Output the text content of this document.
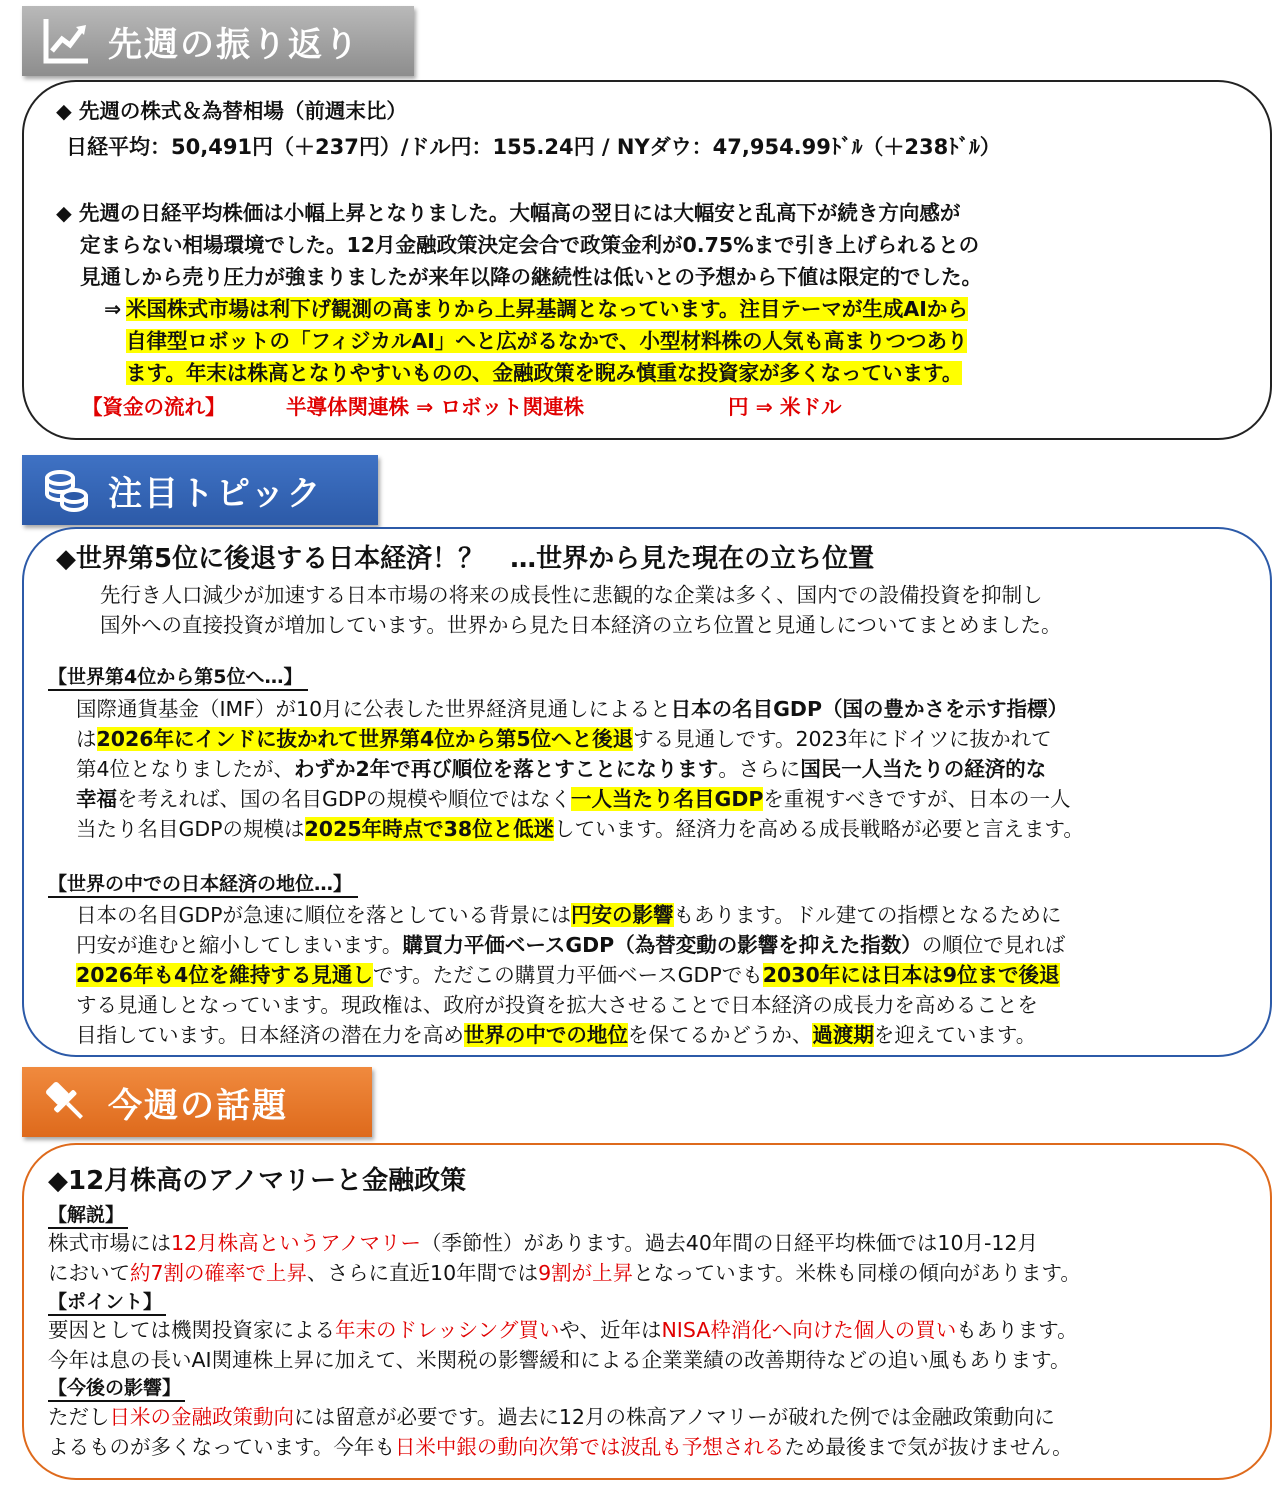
先週の振り返り
◆ 先週の株式＆為替相場（前週末比）
日経平均：50,491円（＋237円）/ドル円：155.24円 / NYダウ：47,954.99ﾄﾞﾙ（＋238ﾄﾞﾙ）
◆ 先週の日経平均株価は小幅上昇となりました。大幅高の翌日には大幅安と乱高下が続き方向感が
定まらない相場環境でした。12月金融政策決定会合で政策金利が0.75%まで引き上げられるとの
見通しから売り圧力が強まりましたが来年以降の継続性は低いとの予想から下値は限定的でした。
⇒ 米国株式市場は利下げ観測の高まりから上昇基調となっています。注目テーマが生成AIから
自律型ロボットの「フィジカルAI」へと広がるなかで、小型材料株の人気も高まりつつあり
ます。年末は株高となりやすいものの、金融政策を睨み慎重な投資家が多くなっています。
【資金の流れ】	半導体関連株 ⇒ ロボット関連株	円 ⇒ 米ドル
注目トピック
◆世界第5位に後退する日本経済！？　…世界から見た現在の立ち位置
先行き人口減少が加速する日本市場の将来の成長性に悲観的な企業は多く、国内での設備投資を抑制し
国外への直接投資が増加しています。世界から見た日本経済の立ち位置と見通しについてまとめました。
【世界第4位から第5位へ…】
国際通貨基金（IMF）が10月に公表した世界経済見通しによると日本の名目GDP（国の豊かさを示す指標）
は2026年にインドに抜かれて世界第4位から第5位へと後退する見通しです。2023年にドイツに抜かれて
第4位となりましたが、わずか2年で再び順位を落とすことになります。さらに国民一人当たりの経済的な
幸福を考えれば、国の名目GDPの規模や順位ではなく一人当たり名目GDPを重視すべきですが、日本の一人
当たり名目GDPの規模は2025年時点で38位と低迷しています。経済力を高める成長戦略が必要と言えます。
【世界の中での日本経済の地位…】
日本の名目GDPが急速に順位を落としている背景には円安の影響もあります。ドル建ての指標となるために
円安が進むと縮小してしまいます。購買力平価ベースGDP（為替変動の影響を抑えた指数）の順位で見れば
2026年も4位を維持する見通しです。ただこの購買力平価ベースGDPでも2030年には日本は9位まで後退
する見通しとなっています。現政権は、政府が投資を拡大させることで日本経済の成長力を高めることを
目指しています。日本経済の潜在力を高め世界の中での地位を保てるかどうか、過渡期を迎えています。
今週の話題
◆12月株高のアノマリーと金融政策
【解説】
株式市場には12月株高というアノマリー（季節性）があります。過去40年間の日経平均株価では10月-12月
において約7割の確率で上昇、さらに直近10年間では9割が上昇となっています。米株も同様の傾向があります。
【ポイント】
要因としては機関投資家による年末のドレッシング買いや、近年はNISA枠消化へ向けた個人の買いもあります。
今年は息の長いAI関連株上昇に加えて、米関税の影響緩和による企業業績の改善期待などの追い風もあります。
【今後の影響】
ただし日米の金融政策動向には留意が必要です。過去に12月の株高アノマリーが破れた例では金融政策動向に
よるものが多くなっています。今年も日米中銀の動向次第では波乱も予想されるため最後まで気が抜けません。
